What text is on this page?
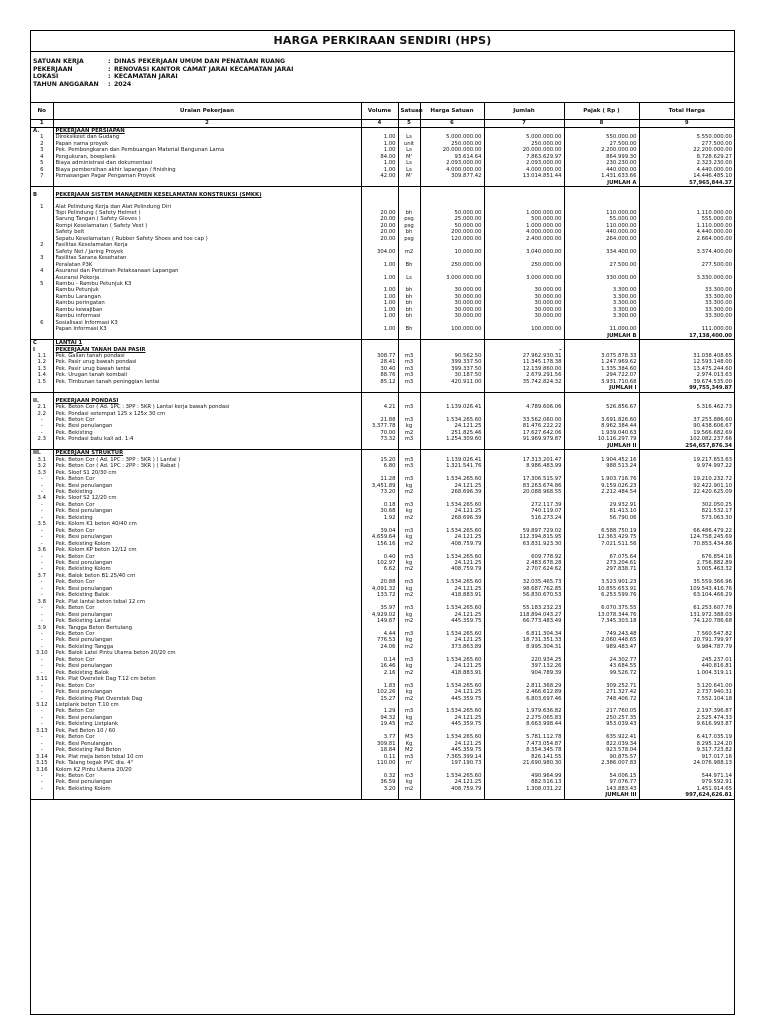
HARGA PERKIRAAN SENDIRI (HPS)
SATUAN KERJA	: DINAS PEKERJAAN UMUM DAN PENATAAN RUANG
PEKERJAAN	: RENOVASI KANTOR CAMAT JARAI KECAMATAN JARAI
LOKASI	: KECAMATAN JARAI
TAHUN ANGGARAN	: 2024
No	Uraian Pekerjaan	Volume	Satuan	Harga Satuan	Jumlah	Pajak ( Rp )	Total Harga
1	2	4	5	6	7	8	9
A.	PEKERJAAN PERSIAPAN						
1	Direksikeet dan Gudang	1.00	Ls	5.000.000.00	5.000.000.00	550.000.00	5.550.000.00
2	Papan nama proyek	1.00	unit	250.000.00	250.000.00	27.500.00	277.500.00
3	Pek. Pembongkaran dan Pembuangan Material Bangunan Lama	1.00	Ls	20.000.000.00	20.000.000.00	2.200.000.00	22.200.000.00
4	Pengukuran, bowplank	84.00	M'	93.614.64	7.863.629.97	864.999.30	8.728.629.27
5	Biaya administrasi dan dokumentasi	1.00	Ls	2.093.000.00	2.093.000.00	230.230.00	2.323.230.00
6	Biaya pembersihan akhir lapangan / finishing	1.00	Ls	4.000.000.00	4.000.000.00	440.000.00	4.440.000.00
7	Pemasangan Pagar Pengaman Proyek	42.00	M'	309.877.42	13.014.851.44	1.431.633.66	14.446.485.10
						JUMLAH A	57,965,844.37

B	PEKERJAAN SISTEM MANAJEMEN KESELAMATAN KONSTRUKSI (SMKK)						

1	Alat Pelindung Kerja dan Alat Pelindung Diri						
	Topi Pelindung ( Safety Helmet )	20.00	bh	50.000.00	1.000.000.00	110.000.00	1.110.000.00
	Sarung Tangan ( Safety Gloves )	20.00	psg	25.000.00	500.000.00	55.000.00	555.000.00
	Rompi Keselamatan ( Safety Vest )	20.00	psg	50.000.00	1.000.000.00	110.000.00	1.110.000.00
	Safety belt	20.00	bh	200.000.00	4.000.000.00	440.000.00	4.440.000.00
	Sepatu Keselamatan ( Rubber Safety Shoes and toe cap )	20.00	psg	120.000.00	2.400.000.00	264.000.00	2.664.000.00
2	Fasilitas Keselamatan Kerja						
	Safety Net / Jaring Proyek	304.00	m2	10.000.00	3.040.000.00	334.400.00	3.374.400.00
3	Fasilitas Sarana Kesehatan						
	Peralatan P3K	1.00	Bh	250.000.00	250.000.00	27.500.00	277.500.00
4	Asuransi dan Perizinan Pelaksanaan Lapangan						
	Asuransi Pekerja	1.00	Ls	3.000.000.00	3.000.000.00	330.000.00	3.330.000.00
5	Rambu - Rambu Petunjuk K3						
	Rambu Petunjuk	1.00	bh	30.000.00	30.000.00	3.300.00	33.300.00
	Rambu Larangan	1.00	bh	30.000.00	30.000.00	3.300.00	33.300.00
	Rambu peringatan	1.00	bh	30.000.00	30.000.00	3.300.00	33.300.00
	Rambu kewajiban	1.00	bh	30.000.00	30.000.00	3.300.00	33.300.00
	Rambu informasi	1.00	bh	30.000.00	30.000.00	3.300.00	33.300.00
6	Sosialisasi Informasi K3						
	Papan Informasi K3	1.00	Bh	100.000.00	100.000.00	11.000.00	111.000.00
						JUMLAH B	17,138,400.00
C	LANTAI 1						
I	PEKERJAAN TANAH DAN PASIR				-		
1.1	Pek. Galian tanah pondasi	308.77	m3	90.562.50	27.962.930.31	3.075.878.33	31.038.408.65
1.2	Pek. Pasir urug bawah pondasi	28.41	m3	399.337.50	11.345.178.38	1.247.969.62	12.593.148.00
1.3	Pek. Pasir urug bawah lantai	30.40	m3	399.337.50	12.139.860.00	1.335.384.60	13.475.244.60
1.4	Pek. Urugan tanah kembali	88.76	m3	30.187.50	2.679.291.56	294.722.07	2.974.013.63
1.5	Pek. Timbunan tanah peninggian lantai	85.12	m3	420.911.00	35.742.824.32	3.931.710.68	39.674.535.00
						JUMLAH I	99,755,349.87

II.	PEKERJAAN PONDASI						
2.1	Pek. Beton Cor ( Ad. 1PC : 3PP : 5KR ) Lantai kerja bawah pondasi	4.21	m3	1.139.026.41	4.789.606.06	526.856.67	5.316.462.73
2.2	Pek. Pondasi setempat 125 x 125x 30 cm						
-	Pek. Beton Cor	21.88	m3	1.534.265.60	33.562.060.00	3.691.826.60	37.253.886.60
-	Pek. Besi penulangan	3,377.78	kg	24.121.25	81.476.222.22	8.962.384.44	90.438.606.67
-	Pek. Bekisting	70.00	m2	251.825.46	17.627.642.06	1.939.040.63	19.566.682.69
2.3	Pek. Pondasi batu kali ad. 1:4	73.32	m3	1.254.309.60	91.969.979.87	10.116.297.79	102.082.237.66
						JUMLAH II	254,657,876.34
III.	PEKERJAAN STRUKTUR						
3.1	Pek. Beton Cor ( Ad. 1PC : 3PP : 5KR ) ( Lantai )	15.20	m3	1.139.026.41	17.313.201.47	1.904.452.16	19.217.653.63
3.2	Pek. Beton Cor ( Ad. 1PC : 2PP : 3KR ) ( Rabat )	6.80	m3	1.321.541.76	8.986.483.99	988.513.24	9.974.997.22
3.3	Pek. Sloof S1 20/30 cm						
-	Pek. Beton Cor	11.28	m3	1.534.265.60	17.306.515.97	1.903.716.76	19.210.232.72
-	Pek. Besi penulangan	3,451.89	kg	24.121.25	83.263.674.86	9.159.026.23	92.422.901.10
-	Pek. Bekisting	73.20	m2	268.696.39	20.088.968.55	2.212.484.54	22.420.625.09
3.4	Pek. Sloof S2 12/20 cm						
-	Pek. Beton Cor	0.18	m3	1.534.265.60	272.117.39	29.932.91	302.050.25
-	Pek. Besi penulangan	30.68	kg	24.121.25	740.119.07	81.413.10	821.532.17
-	Pek. Bekisting	1.92	m2	268.696.39	516.273.24	56.790.06	573.063.30
3.5	Pek. Kolom K1 beton 40/40 cm						
-	Pek. Beton Cor	39.04	m3	1.534.265.60	59.897.729.02	6.588.750.19	66.486.479.22
-	Pek. Besi penulangan	4,659.64	kg	24.121.25	112.394.815.95	12.363.429.75	124.758.245.69
-	Pek. Bekisting Kolom	156.16	m2	408.759.79	63.831.923.30	7.021.511.56	70.853.434.86
3.6	Pek. Kolom KP beton 12/12 cm						
-	Pek. Beton Cor	0.40	m3	1.534.265.60	609.778.92	67.075.64	676.854.16
-	Pek. Besi penulangan	102.97	kg	24.121.25	2.483.678.28	273.204.61	2.756.882.89
-	Pek. Bekisting Kolom	6.62	m2	408.759.79	2.707.624.62	297.838.71	3.005.463.32
3.7	Pek. Balok beton B1.25/40 cm						
-	Pek. Beton Cor	20.88	m3	1.534.265.60	32.035.465.73	3.523.901.23	35.559.366.96
-	Pek. Besi penulangan	4,091.32	kg	24.121.25	98.687.762.85	10.855.653.91	109.543.416.76
-	Pek. Bekisting Balok	133.72	m2	418.883.91	56.830.670.53	6.253.599.76	63.104.466.29
3.8	Pek. Plat lantai beton tebal 12 cm						
-	Pek. Beton Cor	35.97	m3	1.534.265.60	55.183.232.23	6.070.375.55	61.253.607.78
-	Pek. Besi penulangan	4,929.02	kg	24.121.25	118.894.043.27	13.078.344.76	131.972.388.03
-	Pek. Bekisting Lantai	149.87	m2	445.359.75	66.773.483.49	7.345.303.18	74.120.786.68
3.9	Pek. Tangga Beton Bertulang						
-	Pek. Beton Cor	4.44	m3	1.534.265.60	6.811.304.34	749.243.48	7.560.547.82
-	Pek. Besi penulangan	776.53	kg	24.121.25	18.731.351.33	2.060.448.65	20.791.799.97
-	Pek. Bekisting Tangga	24.06	m2	373.863.89	8.995.304.31	989.483.47	9.984.787.79
3.10	Pek. Balok Latei Pintu Utama beton 20/20 cm						
-	Pek. Beton Cor	0.14	m3	1.534.265.60	220.934.25	24.302.77	245.237.01
-	Pek. Besi penulangan	16.46	kg	24.121.25	397.132.26	43.684.55	440.816.81
-	Pek. Bekisting Balok	2.16	m2	418.883.91	904.789.39	99.526.72	1.004.319.11
3.11	Pek. Plat Overstek Dag T.12 cm beton						
-	Pek. Beton Cor	1.83	m3	1.534.265.60	2.811.368.29	309.252.71	3.120.641.00
-	Pek. Besi penulangan	102.26	kg	24.121.25	2.466.612.89	271.327.42	2.737.940.31
-	Pek. Bekisting Plat Overstek Dag	15.27	m2	445.359.75	6.803.697.46	748.406.72	7.552.104.18
3.12	Listplank beton T.10 cm						
-	Pek. Beton Cor	1.29	m3	1.534.265.60	1.979.636.82	217.760.05	2.197.396.87
-	Pek. Besi penulangan	94.32	kg	24.121.25	2.275.065.83	250.257.35	2.525.474.33
-	Pek. Bekisting Listplank	19.45	m2	445.359.75	8.663.998.44	953.039.43	9.616.993.87
3.13	Pek. Pad Beton 10 / 60						
-	Pek. Beton Cor	3.77	M3	1.534.265.60	5.781.112.78	635.922.41	6.417.035.19
-	Pek. Besi Penulangan	309.81	Kg	24.121.25	7.473.054.87	822.039.34	8.295.124.20
-	Pek. Bekisting Pad Beton	18.84	M2	445.359.75	8.354.345.78	923.578.04	9.317.723.82
3.14	Pek. Plat meja beton tebal 10 cm	0.11	m3	7.365.399.14	826.141.55	90.875.57	917.017.16
3.15	Pek. Talang tegak PVC dia. 4"	110.00	m'	197.190.73	21.690.980.30	2.386.007.83	24.076.988.13
3.16	Kolom K2 Pintu Utama 20/20						
-	Pek. Beton Cor	0.32	m3	1.534.265.60	490.964.99	54.006.15	544.971.14
-	Pek. Besi penulangan	36.59	kg	24.121.25	882.516.13	97.076.77	979.592.91
-	Pek. Bekisting Kolom	3.20	m2	408.759.79	1.308.031.22	143.883.43	1.451.914.65
						JUMLAH III	997,624,626.81
